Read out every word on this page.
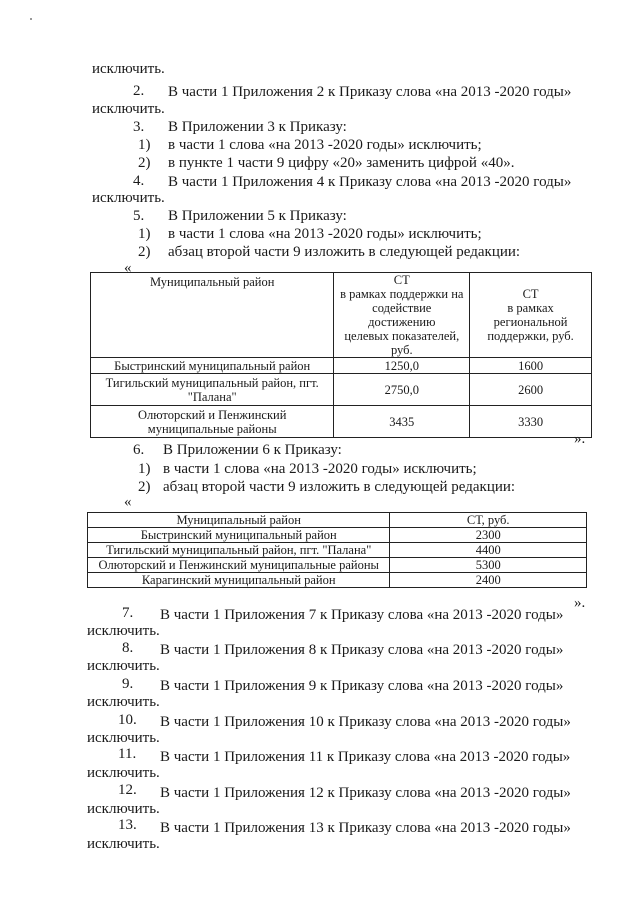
исключить.
2. В части 1 Приложения 2 к Приказу слова «на 2013 -2020 годы»
исключить.
3. В Приложении 3 к Приказу:
1) в части 1 слова «на 2013 -2020 годы» исключить;
2) в пункте 1 части 9 цифру «20» заменить цифрой «40».
4. В части 1 Приложения 4 к Приказу слова «на 2013 -2020 годы»
исключить.
5. В Приложении 5 к Приказу:
1) в части 1 слова «на 2013 -2020 годы» исключить;
2) абзац второй части 9 изложить в следующей редакции:
«
Муниципальный район	СТ
в рамках поддержки на
содействие достижению
целевых показателей,
руб.	СТ
в рамках
региональной
поддержки, руб.

Быстринский муниципальный район	1250,0	1600
Тигильский муниципальный район, пгт.
"Палана"	2750,0	2600
Олюторский и Пенжинский
муниципальные районы	3435	3330
».
6. В Приложении 6 к Приказу:
1) в части 1 слова «на 2013 -2020 годы» исключить;
2) абзац второй части 9 изложить в следующей редакции:
«
Муниципальный район	СТ, руб.
Быстринский муниципальный район	2300
Тигильский муниципальный район, пгт. "Палана"	4400
Олюторский и Пенжинский муниципальные районы	5300
Карагинский муниципальный район	2400
».
7. В части 1 Приложения 7 к Приказу слова «на 2013 -2020 годы»
исключить.
8. В части 1 Приложения 8 к Приказу слова «на 2013 -2020 годы»
исключить.
9. В части 1 Приложения 9 к Приказу слова «на 2013 -2020 годы»
исключить.
10. В части 1 Приложения 10 к Приказу слова «на 2013 -2020 годы»
исключить.
11. В части 1 Приложения 11 к Приказу слова «на 2013 -2020 годы»
исключить.
12. В части 1 Приложения 12 к Приказу слова «на 2013 -2020 годы»
исключить.
13. В части 1 Приложения 13 к Приказу слова «на 2013 -2020 годы»
исключить.
